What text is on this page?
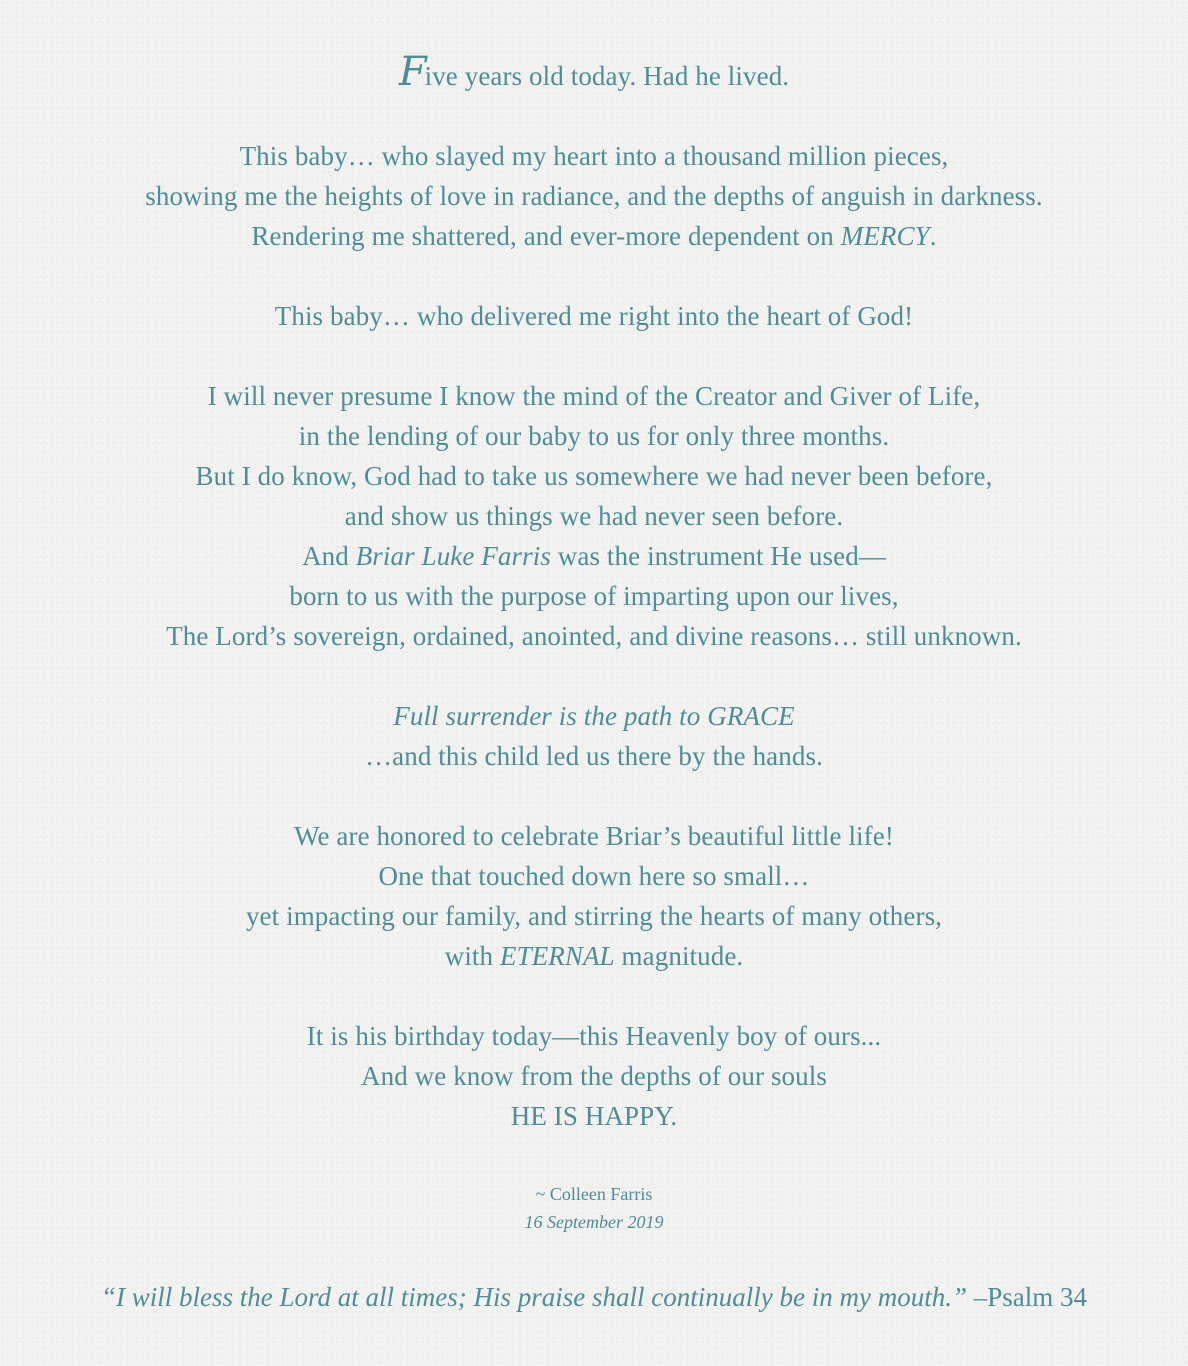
Five years old today. Had he lived.
This baby… who slayed my heart into a thousand million pieces,
showing me the heights of love in radiance, and the depths of anguish in darkness.
Rendering me shattered, and ever-more dependent on MERCY.
This baby… who delivered me right into the heart of God!
I will never presume I know the mind of the Creator and Giver of Life,
in the lending of our baby to us for only three months.
But I do know, God had to take us somewhere we had never been before,
and show us things we had never seen before.
And Briar Luke Farris was the instrument He used—
born to us with the purpose of imparting upon our lives,
The Lord’s sovereign, ordained, anointed, and divine reasons… still unknown.
Full surrender is the path to GRACE
…and this child led us there by the hands.
We are honored to celebrate Briar’s beautiful little life!
One that touched down here so small…
yet impacting our family, and stirring the hearts of many others,
with ETERNAL magnitude.
It is his birthday today—this Heavenly boy of ours...
And we know from the depths of our souls
HE IS HAPPY.
~ Colleen Farris
16 September 2019
“I will bless the Lord at all times; His praise shall continually be in my mouth.” –Psalm 34
